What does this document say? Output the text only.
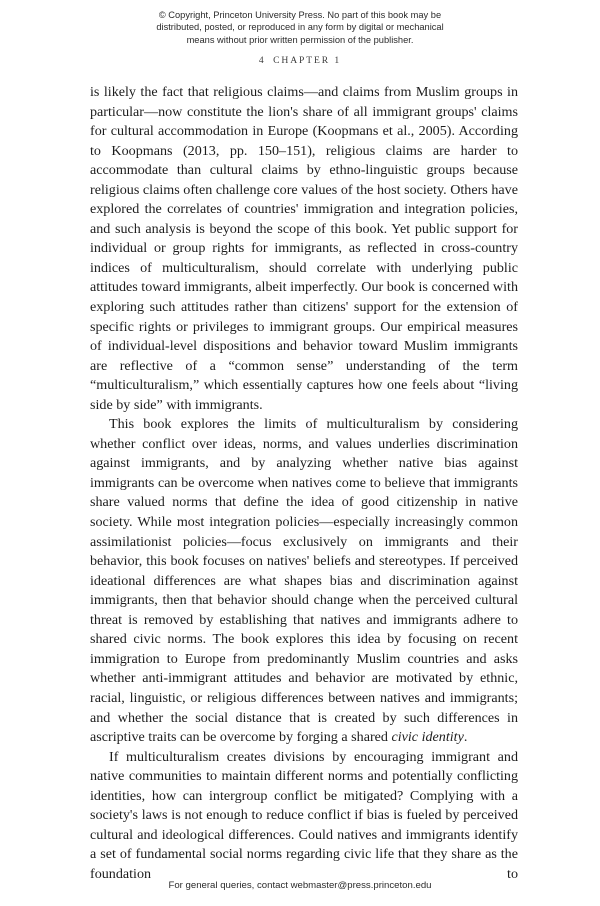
© Copyright, Princeton University Press. No part of this book may be
distributed, posted, or reproduced in any form by digital or mechanical
means without prior written permission of the publisher.
4 CHAPTER 1

is likely the fact that religious claims—and claims from Muslim groups in particular—now constitute the lion's share of all immigrant groups' claims for cultural accommodation in Europe (Koopmans et al., 2005). According to Koopmans (2013, pp. 150–151), religious claims are harder to accommodate than cultural claims by ethno-linguistic groups because religious claims often challenge core values of the host society. Others have explored the correlates of countries' immigration and integration policies, and such analysis is beyond the scope of this book. Yet public support for individual or group rights for immigrants, as reflected in cross-country indices of multiculturalism, should correlate with underlying public attitudes toward immigrants, albeit imperfectly. Our book is concerned with exploring such attitudes rather than citizens' support for the extension of specific rights or privileges to immigrant groups. Our empirical measures of individual-level dispositions and behavior toward Muslim immigrants are reflective of a “common sense” understanding of the term “multiculturalism,” which essentially captures how one feels about “living side by side” with immigrants.

This book explores the limits of multiculturalism by considering whether conflict over ideas, norms, and values underlies discrimination against immigrants, and by analyzing whether native bias against immigrants can be overcome when natives come to believe that immigrants share valued norms that define the idea of good citizenship in native society. While most integration policies—especially increasingly common assimilationist policies—focus exclusively on immigrants and their behavior, this book focuses on natives' beliefs and stereotypes. If perceived ideational differences are what shapes bias and discrimination against immigrants, then that behavior should change when the perceived cultural threat is removed by establishing that natives and immigrants adhere to shared civic norms. The book explores this idea by focusing on recent immigration to Europe from predominantly Muslim countries and asks whether anti-immigrant attitudes and behavior are motivated by ethnic, racial, linguistic, or religious differences between natives and immigrants; and whether the social distance that is created by such differences in ascriptive traits can be overcome by forging a shared civic identity.

If multiculturalism creates divisions by encouraging immigrant and native communities to maintain different norms and potentially conflicting identities, how can intergroup conflict be mitigated? Complying with a society's laws is not enough to reduce conflict if bias is fueled by perceived cultural and ideological differences. Could natives and immigrants identify a set of fundamental social norms regarding civic life that they share as the foundation to

For general queries, contact webmaster@press.princeton.edu
